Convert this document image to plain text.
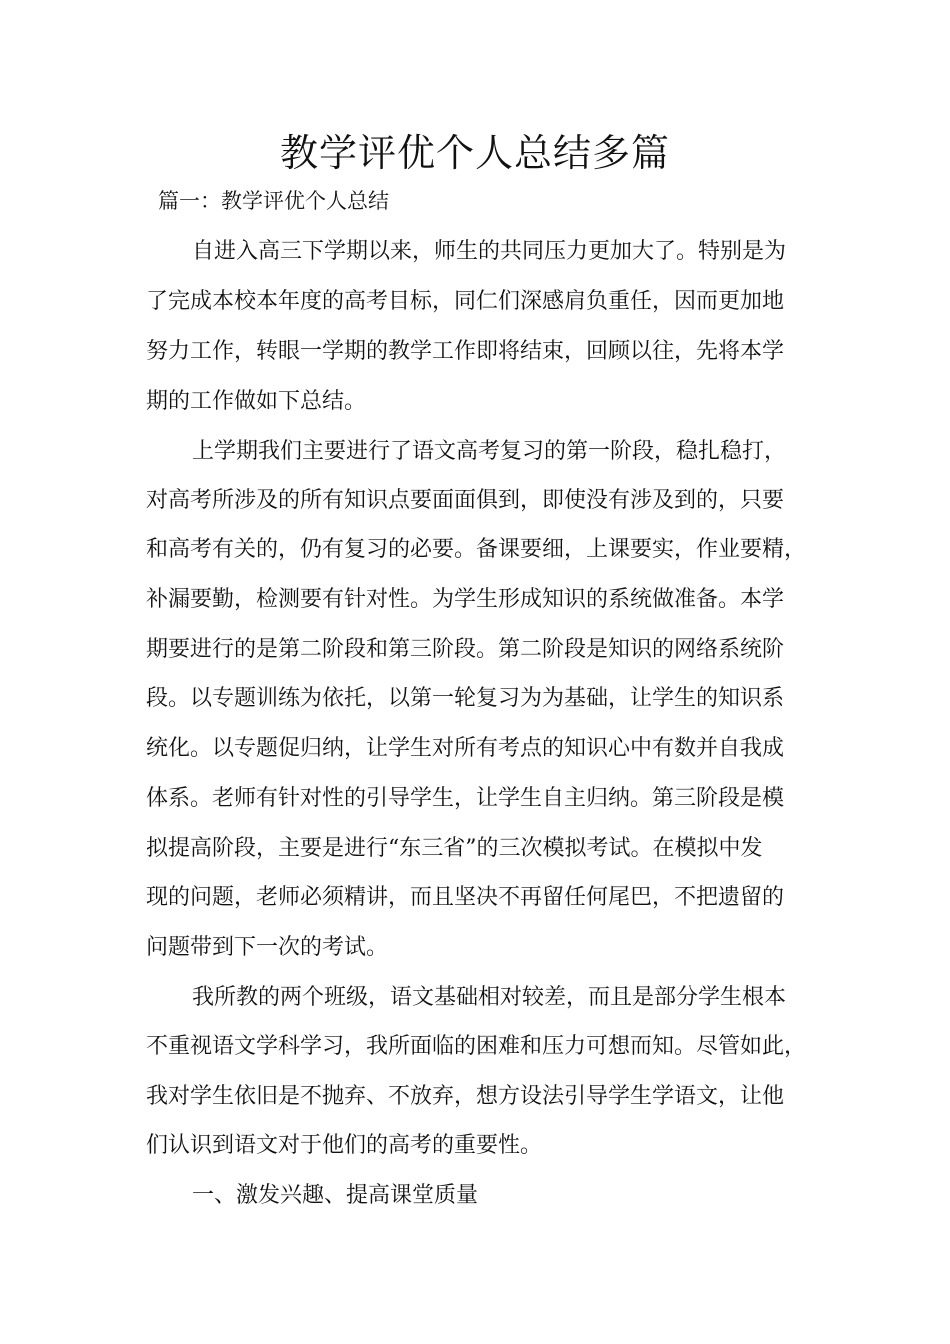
教学评优个人总结多篇

篇一：教学评优个人总结

自进入高三下学期以来，师生的共同压力更加大了。特别是为

了完成本校本年度的高考目标，同仁们深感肩负重任，因而更加地

努力工作，转眼一学期的教学工作即将结束，回顾以往，先将本学

期的工作做如下总结。

上学期我们主要进行了语文高考复习的第一阶段，稳扎稳打，

对高考所涉及的所有知识点要面面俱到，即使没有涉及到的，只要

和高考有关的，仍有复习的必要。备课要细，上课要实，作业要精，

补漏要勤，检测要有针对性。为学生形成知识的系统做准备。本学

期要进行的是第二阶段和第三阶段。第二阶段是知识的网络系统阶

段。以专题训练为依托，以第一轮复习为为基础，让学生的知识系

统化。以专题促归纳，让学生对所有考点的知识心中有数并自我成

体系。老师有针对性的引导学生，让学生自主归纳。第三阶段是模

拟提高阶段，主要是进行“东三省”的三次模拟考试。在模拟中发

现的问题，老师必须精讲，而且坚决不再留任何尾巴，不把遗留的

问题带到下一次的考试。

我所教的两个班级，语文基础相对较差，而且是部分学生根本

不重视语文学科学习，我所面临的困难和压力可想而知。尽管如此，

我对学生依旧是不抛弃、不放弃，想方设法引导学生学语文，让他

们认识到语文对于他们的高考的重要性。

一、激发兴趣、提高课堂质量
